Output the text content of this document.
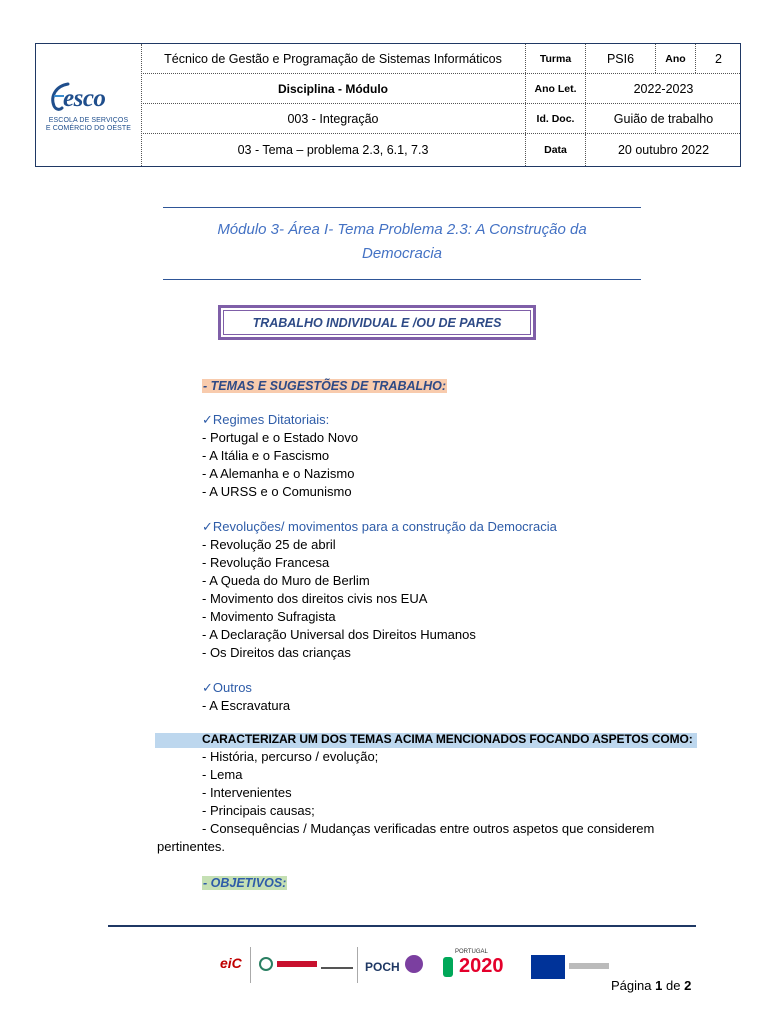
esco
ESCOLA DE SERVIÇOS
E COMÉRCIO DO OESTE
Técnico de Gestão e Programação de Sistemas Informáticos	Turma	PSI6	Ano	2
Disciplina - Módulo	Ano Let.	2022-2023
003 - Integração	Id. Doc.	Guião de trabalho
03 - Tema – problema 2.3, 6.1, 7.3	Data	20 outubro 2022
Módulo 3- Área I- Tema Problema 2.3: A Construção da
Democracia
TRABALHO INDIVIDUAL E /OU DE PARES
- TEMAS E SUGESTÕES DE TRABALHO:
✓Regimes Ditatoriais:
- Portugal e o Estado Novo
- A Itália e o Fascismo
- A Alemanha e o Nazismo
- A URSS e o Comunismo
✓Revoluções/ movimentos para a construção da Democracia
- Revolução 25 de abril
- Revolução Francesa
- A Queda do Muro de Berlim
- Movimento dos direitos civis nos EUA
- Movimento Sufragista
- A Declaração Universal dos Direitos Humanos
- Os Direitos das crianças
✓Outros
- A Escravatura
CARACTERIZAR UM DOS TEMAS ACIMA MENCIONADOS FOCANDO ASPETOS COMO:
- História, percurso / evolução;
- Lema
- Intervenientes
- Principais causas;
- Consequências / Mudanças verificadas entre outros aspetos que considerem
pertinentes.
- OBJETIVOS:
eiC	POCH
PORTUGAL
2020
Página 1 de 2
